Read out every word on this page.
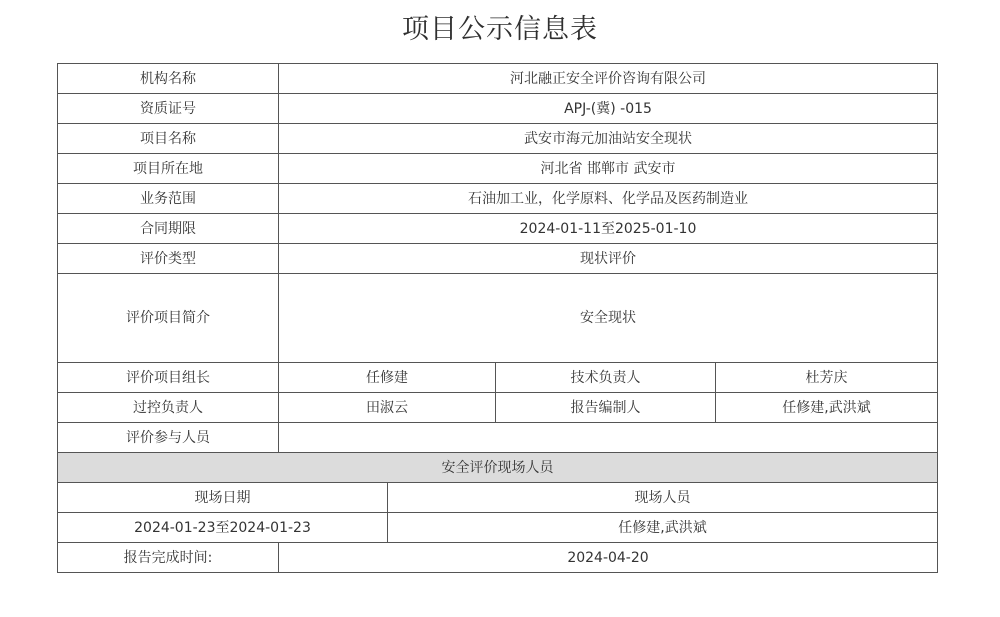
项目公示信息表
机构名称	河北融正安全评价咨询有限公司			
资质证号	APJ-(冀) -015			
项目名称	武安市海元加油站安全现状			
项目所在地	河北省 邯郸市 武安市			
业务范围	石油加工业，化学原料、化学品及医药制造业			
合同期限	2024-01-11至2025-01-10			
评价类型	现状评价			
评价项目简介	安全现状			
评价项目组长	任修建		技术负责人	杜芳庆
过控负责人	田淑云		报告编制人	任修建,武洪斌
评价参与人员				
安全评价现场人员				
现场日期		现场人员		
2024-01-23至2024-01-23		任修建,武洪斌		
报告完成时间:	2024-04-20			
